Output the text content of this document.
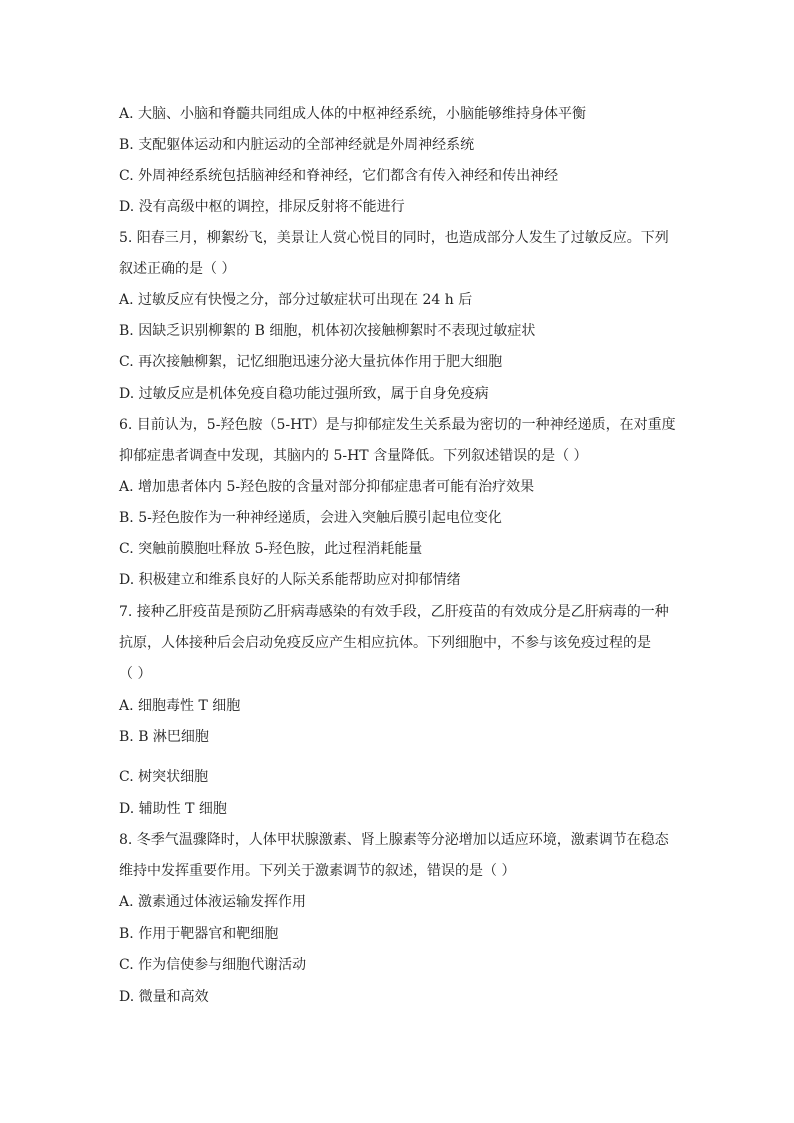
A. 大脑、小脑和脊髓共同组成人体的中枢神经系统，小脑能够维持身体平衡
B. 支配躯体运动和内脏运动的全部神经就是外周神经系统
C. 外周神经系统包括脑神经和脊神经，它们都含有传入神经和传出神经
D. 没有高级中枢的调控，排尿反射将不能进行
5. 阳春三月，柳絮纷飞，美景让人赏心悦目的同时，也造成部分人发生了过敏反应。下列
叙述正确的是（ ）
A. 过敏反应有快慢之分，部分过敏症状可出现在 24 h 后
B. 因缺乏识别柳絮的 B 细胞，机体初次接触柳絮时不表现过敏症状
C. 再次接触柳絮，记忆细胞迅速分泌大量抗体作用于肥大细胞
D. 过敏反应是机体免疫自稳功能过强所致，属于自身免疫病
6. 目前认为，5-羟色胺（5-HT）是与抑郁症发生关系最为密切的一种神经递质，在对重度
抑郁症患者调查中发现，其脑内的 5-HT 含量降低。下列叙述错误的是（ ）
A. 增加患者体内 5-羟色胺的含量对部分抑郁症患者可能有治疗效果
B. 5-羟色胺作为一种神经递质，会进入突触后膜引起电位变化
C. 突触前膜胞吐释放 5-羟色胺，此过程消耗能量
D. 积极建立和维系良好的人际关系能帮助应对抑郁情绪
7. 接种乙肝疫苗是预防乙肝病毒感染的有效手段，乙肝疫苗的有效成分是乙肝病毒的一种
抗原，人体接种后会启动免疫反应产生相应抗体。下列细胞中，不参与该免疫过程的是
（ ）
A. 细胞毒性 T 细胞
B. B 淋巴细胞
C. 树突状细胞
D. 辅助性 T 细胞
8. 冬季气温骤降时，人体甲状腺激素、肾上腺素等分泌增加以适应环境，激素调节在稳态
维持中发挥重要作用。下列关于激素调节的叙述，错误的是（ ）
A. 激素通过体液运输发挥作用
B. 作用于靶器官和靶细胞
C. 作为信使参与细胞代谢活动
D. 微量和高效
